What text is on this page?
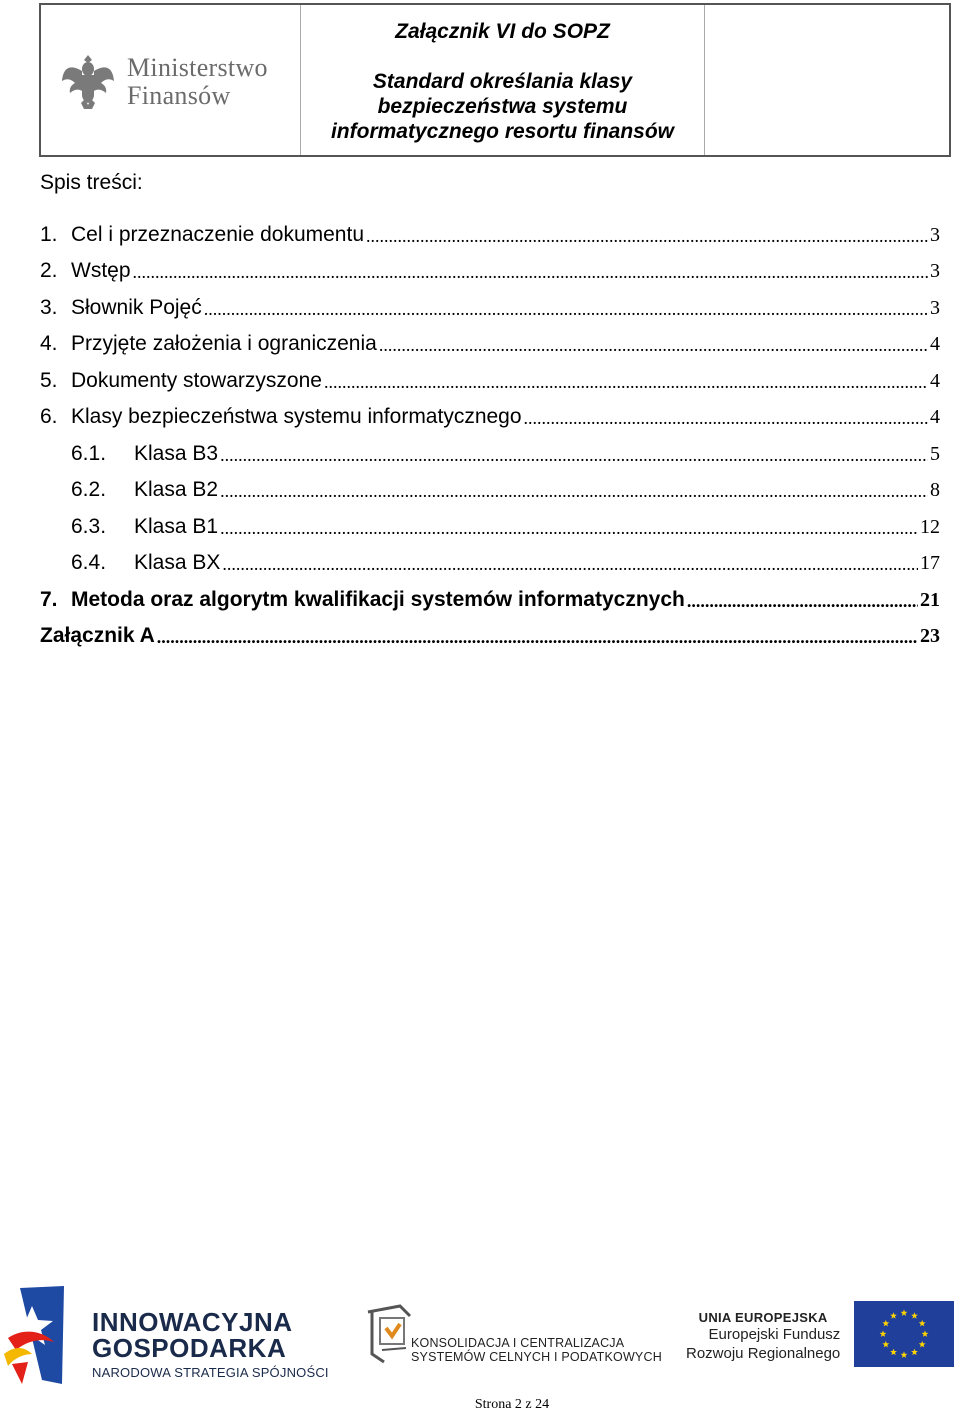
Ministerstwo
Finansów
Załącznik VI do SOPZ
Standard określania klasy
bezpieczeństwa systemu
informatycznego resortu finansów
Spis treści:
1. Cel i przeznaczenie dokumentu .....	3
2. Wstęp .....	3
3. Słownik Pojęć .....	3
4. Przyjęte założenia i ograniczenia .....	4
5. Dokumenty stowarzyszone .....	4
6. Klasy bezpieczeństwa systemu informatycznego .....	4
6.1.	Klasa B3 .....	5
6.2.	Klasa B2 .....	8
6.3.	Klasa B1 .....	12
6.4.	Klasa BX .....	17
7. Metoda oraz algorytm kwalifikacji systemów informatycznych .....	21
Załącznik A .....	23
INNOWACYJNA
GOSPODARKA
NARODOWA STRATEGIA SPÓJNOŚCI
KONSOLIDACJA I CENTRALIZACJA
SYSTEMÓW CELNYCH I PODATKOWYCH
UNIA EUROPEJSKA
Europejski Fundusz
Rozwoju Regionalnego
Strona 2 z 24
